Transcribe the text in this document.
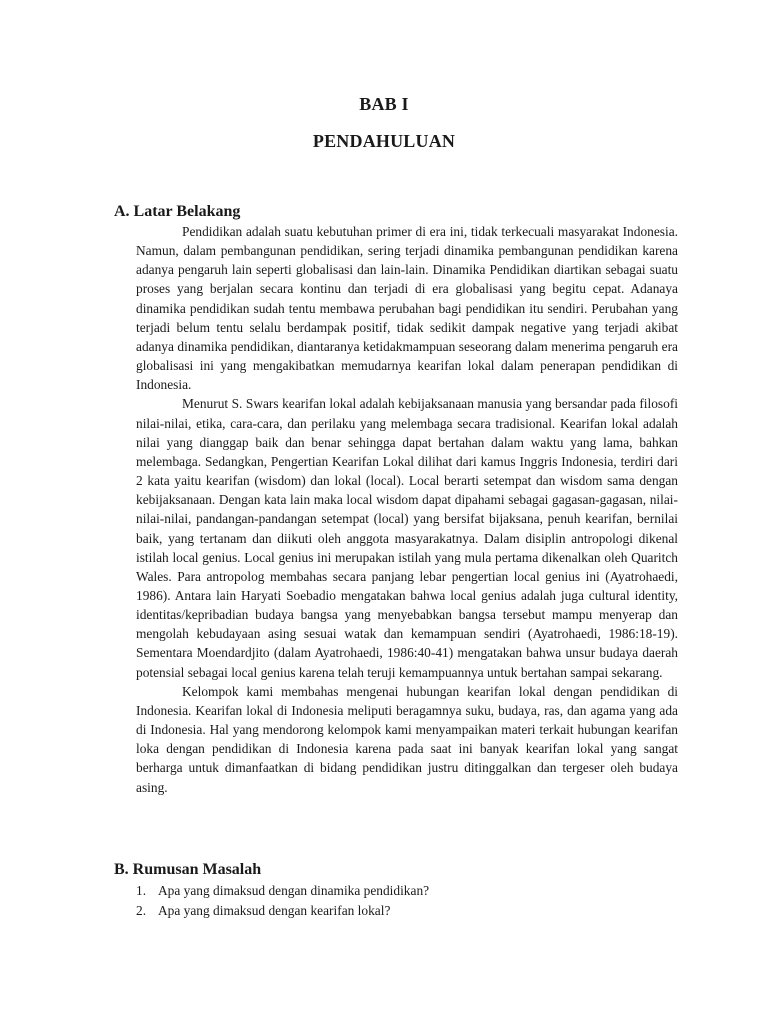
BAB I
PENDAHULUAN
A. Latar Belakang

Pendidikan adalah suatu kebutuhan primer di era ini, tidak terkecuali masyarakat Indonesia. Namun, dalam pembangunan pendidikan, sering terjadi dinamika pembangunan pendidikan karena adanya pengaruh lain seperti globalisasi dan lain-lain. Dinamika Pendidikan diartikan sebagai suatu proses yang berjalan secara kontinu dan terjadi di era globalisasi yang begitu cepat. Adanaya dinamika pendidikan sudah tentu membawa perubahan bagi pendidikan itu sendiri. Perubahan yang terjadi belum tentu selalu berdampak positif, tidak sedikit dampak negative yang terjadi akibat adanya dinamika pendidikan, diantaranya ketidakmampuan seseorang dalam menerima pengaruh era globalisasi ini yang mengakibatkan memudarnya kearifan lokal dalam penerapan pendidikan di Indonesia.

Menurut S. Swars kearifan lokal adalah kebijaksanaan manusia yang bersandar pada filosofi nilai-nilai, etika, cara-cara, dan perilaku yang melembaga secara tradisional. Kearifan lokal adalah nilai yang dianggap baik dan benar sehingga dapat bertahan dalam waktu yang lama, bahkan melembaga. Sedangkan, Pengertian Kearifan Lokal dilihat dari kamus Inggris Indonesia, terdiri dari 2 kata yaitu kearifan (wisdom) dan lokal (local). Local berarti setempat dan wisdom sama dengan kebijaksanaan. Dengan kata lain maka local wisdom dapat dipahami sebagai gagasan-gagasan, nilai-nilai-nilai, pandangan-pandangan setempat (local) yang bersifat bijaksana, penuh kearifan, bernilai baik, yang tertanam dan diikuti oleh anggota masyarakatnya. Dalam disiplin antropologi dikenal istilah local genius. Local genius ini merupakan istilah yang mula pertama dikenalkan oleh Quaritch Wales. Para antropolog membahas secara panjang lebar pengertian local genius ini (Ayatrohaedi, 1986). Antara lain Haryati Soebadio mengatakan bahwa local genius adalah juga cultural identity, identitas/kepribadian budaya bangsa yang menyebabkan bangsa tersebut mampu menyerap dan mengolah kebudayaan asing sesuai watak dan kemampuan sendiri (Ayatrohaedi, 1986:18-19). Sementara Moendardjito (dalam Ayatrohaedi, 1986:40-41) mengatakan bahwa unsur budaya daerah potensial sebagai local genius karena telah teruji kemampuannya untuk bertahan sampai sekarang.

Kelompok kami membahas mengenai hubungan kearifan lokal dengan pendidikan di Indonesia. Kearifan lokal di Indonesia meliputi beragamnya suku, budaya, ras, dan agama yang ada di Indonesia. Hal yang mendorong kelompok kami menyampaikan materi terkait hubungan kearifan loka dengan pendidikan di Indonesia karena pada saat ini banyak kearifan lokal yang sangat berharga untuk dimanfaatkan di bidang pendidikan justru ditinggalkan dan tergeser oleh budaya asing.

B. Rumusan Masalah
1. Apa yang dimaksud dengan dinamika pendidikan?
2. Apa yang dimaksud dengan kearifan lokal?
